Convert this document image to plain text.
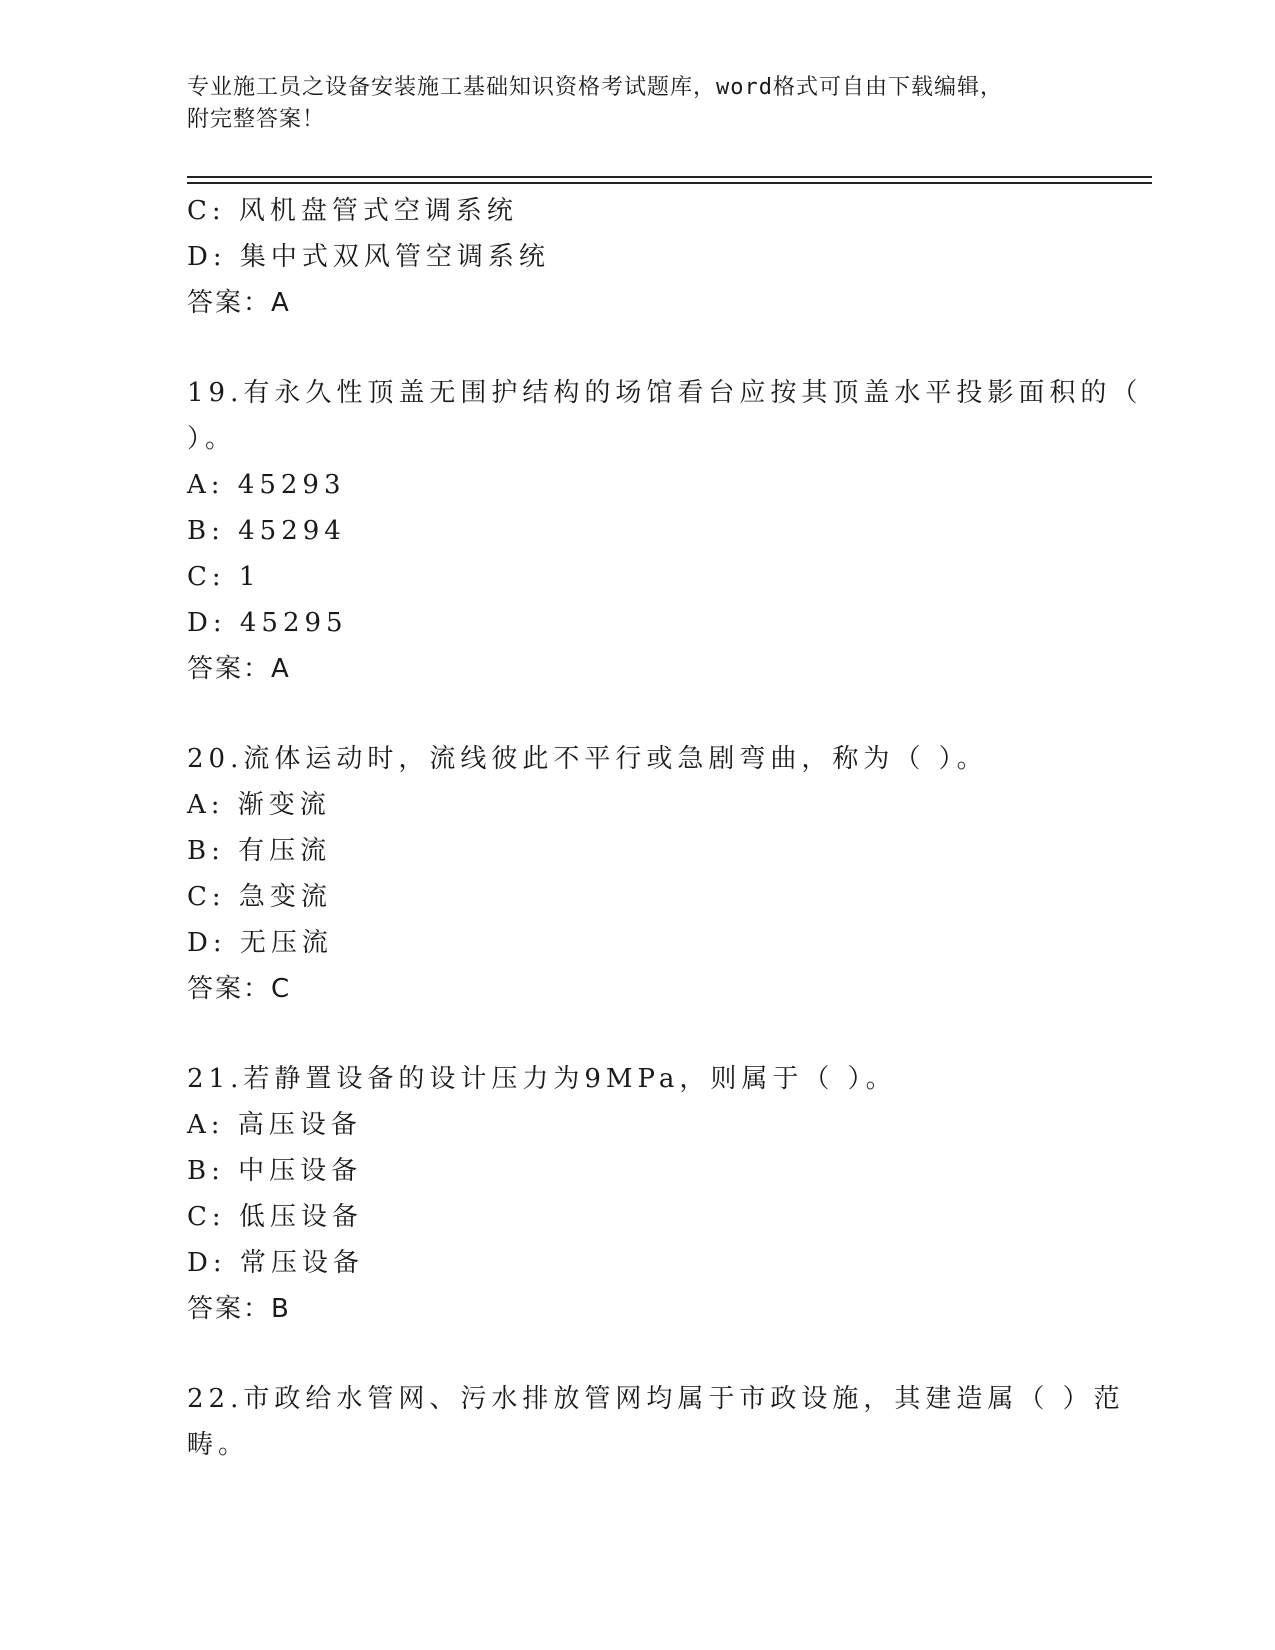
专业施工员之设备安装施工基础知识资格考试题库，word格式可自由下载编辑，
附完整答案！
C: 风机盘管式空调系统
D: 集中式双风管空调系统
答案：A
19.有永久性顶盖无围护结构的场馆看台应按其顶盖水平投影面积的（
）。
A: 45293
B: 45294
C: 1
D: 45295
答案：A
20.流体运动时，流线彼此不平行或急剧弯曲，称为（ ）。
A: 渐变流
B: 有压流
C: 急变流
D: 无压流
答案：C
21.若静置设备的设计压力为9MPa，则属于（ ）。
A: 高压设备
B: 中压设备
C: 低压设备
D: 常压设备
答案：B
22.市政给水管网、污水排放管网均属于市政设施，其建造属（ ）范
畴。
